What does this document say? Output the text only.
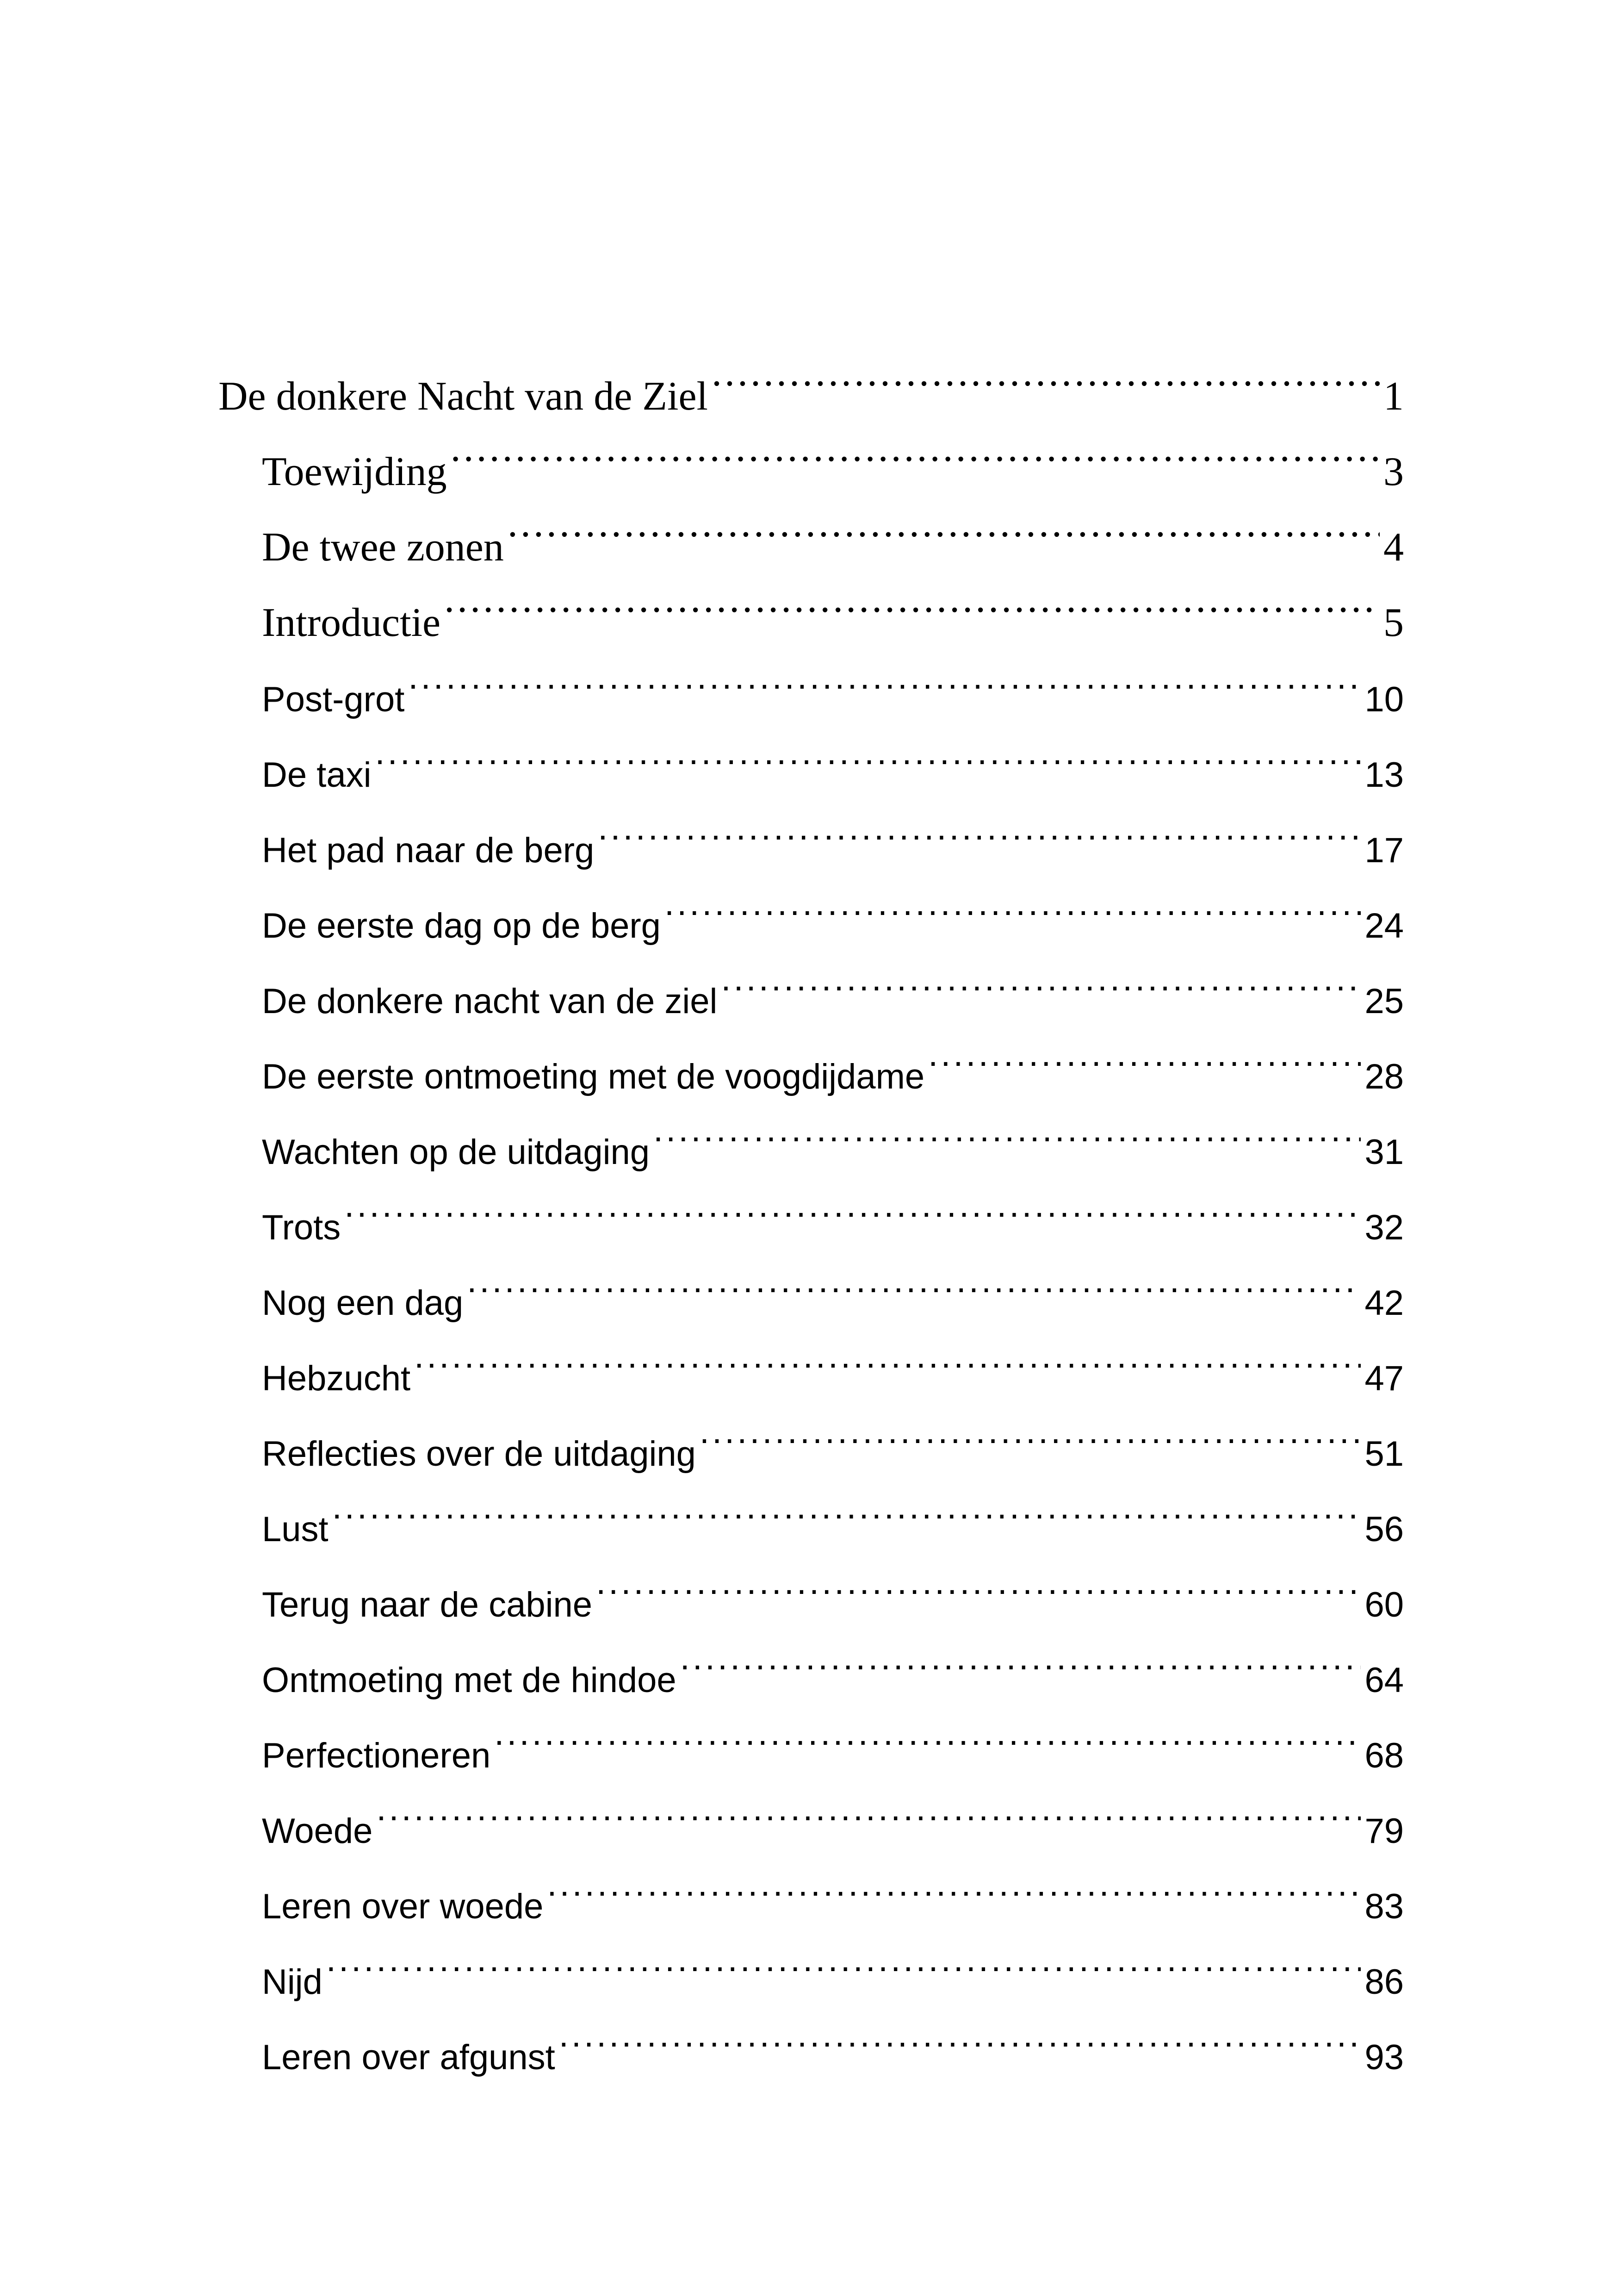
De donkere Nacht van de Ziel .....	1
Toewijding .....	3
De twee zonen .....	4
Introductie .....	5
Post-grot .....	10
De taxi .....	13
Het pad naar de berg .....	17
De eerste dag op de berg .....	24
De donkere nacht van de ziel .....	25
De eerste ontmoeting met de voogdijdame .....	28
Wachten op de uitdaging .....	31
Trots .....	32
Nog een dag .....	42
Hebzucht .....	47
Reflecties over de uitdaging .....	51
Lust .....	56
Terug naar de cabine .....	60
Ontmoeting met de hindoe .....	64
Perfectioneren .....	68
Woede .....	79
Leren over woede .....	83
Nijd .....	86
Leren over afgunst .....	93
